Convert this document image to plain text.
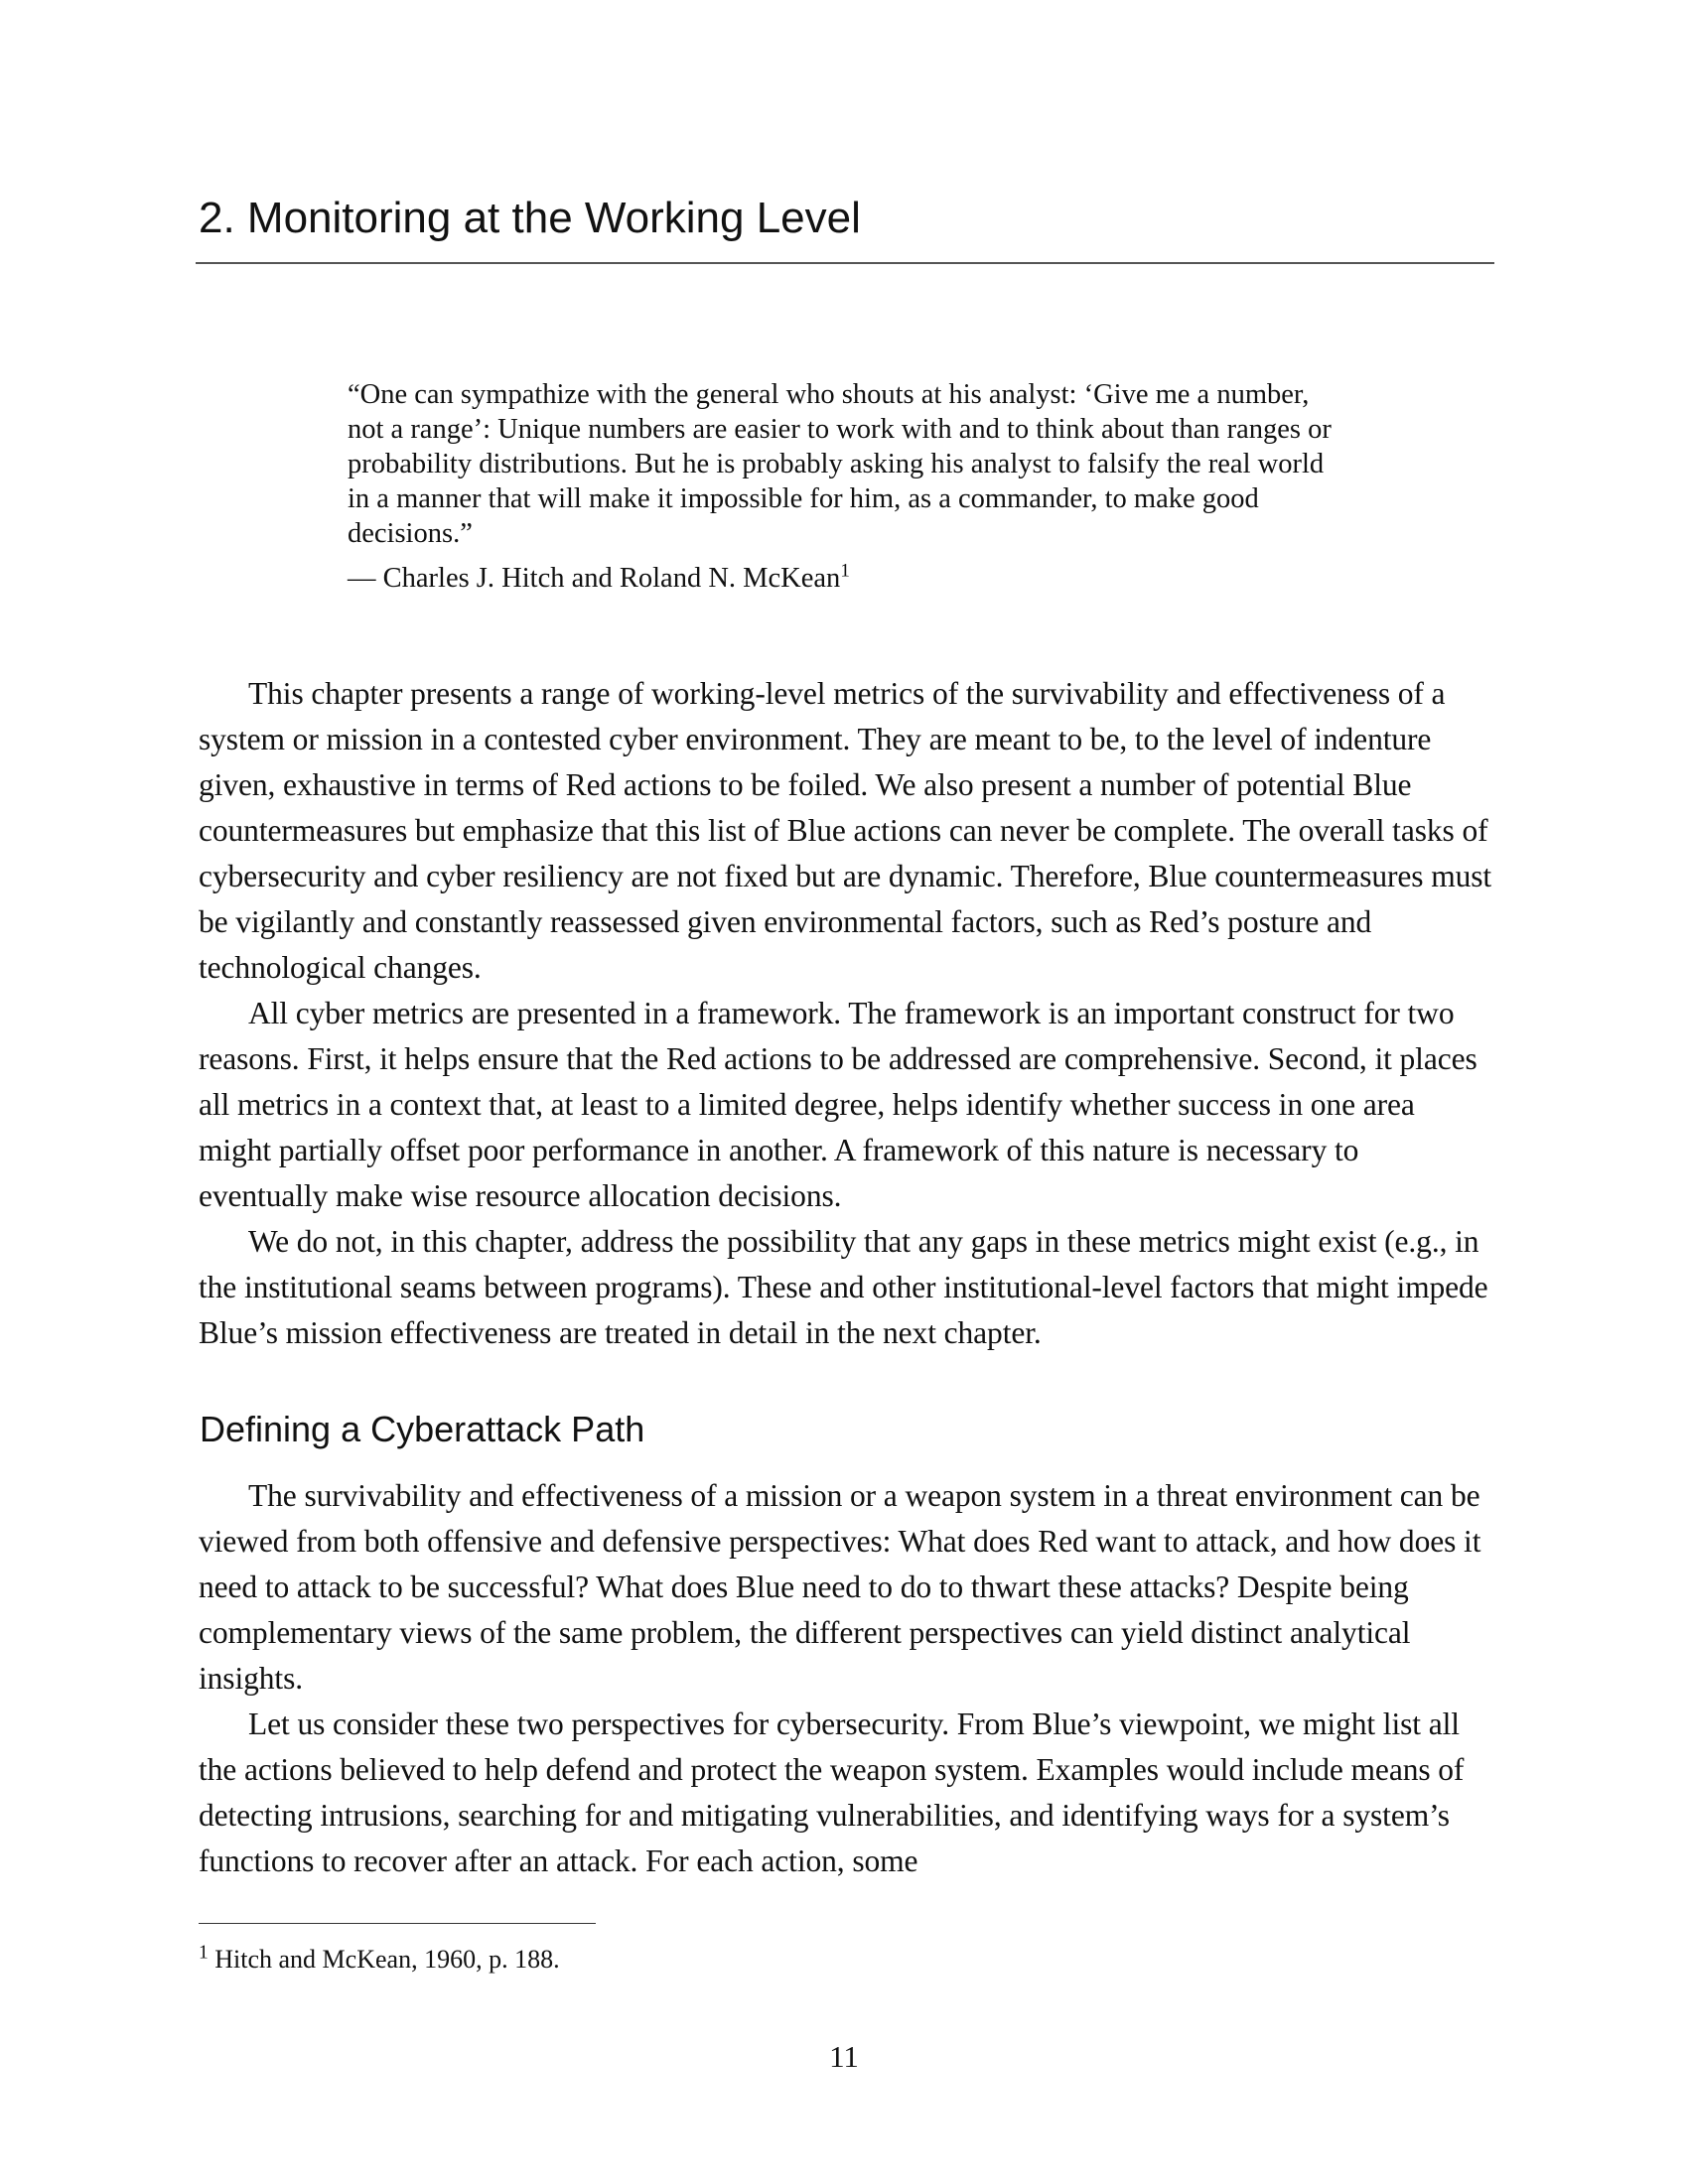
2. Monitoring at the Working Level

“One can sympathize with the general who shouts at his analyst: ‘Give me a number, not a range’: Unique numbers are easier to work with and to think about than ranges or probability distributions. But he is probably asking his analyst to falsify the real world in a manner that will make it impossible for him, as a commander, to make good decisions.”

— Charles J. Hitch and Roland N. McKean$^1$

This chapter presents a range of working-level metrics of the survivability and effectiveness of a system or mission in a contested cyber environment. They are meant to be, to the level of indenture given, exhaustive in terms of Red actions to be foiled. We also present a number of potential Blue countermeasures but emphasize that this list of Blue actions can never be complete. The overall tasks of cybersecurity and cyber resiliency are not fixed but are dynamic. Therefore, Blue countermeasures must be vigilantly and constantly reassessed given environmental factors, such as Red’s posture and technological changes.

All cyber metrics are presented in a framework. The framework is an important construct for two reasons. First, it helps ensure that the Red actions to be addressed are comprehensive. Second, it places all metrics in a context that, at least to a limited degree, helps identify whether success in one area might partially offset poor performance in another. A framework of this nature is necessary to eventually make wise resource allocation decisions.

We do not, in this chapter, address the possibility that any gaps in these metrics might exist (e.g., in the institutional seams between programs). These and other institutional-level factors that might impede Blue’s mission effectiveness are treated in detail in the next chapter.

Defining a Cyberattack Path

The survivability and effectiveness of a mission or a weapon system in a threat environment can be viewed from both offensive and defensive perspectives: What does Red want to attack, and how does it need to attack to be successful? What does Blue need to do to thwart these attacks? Despite being complementary views of the same problem, the different perspectives can yield distinct analytical insights.

Let us consider these two perspectives for cybersecurity. From Blue’s viewpoint, we might list all the actions believed to help defend and protect the weapon system. Examples would include means of detecting intrusions, searching for and mitigating vulnerabilities, and identifying ways for a system’s functions to recover after an attack. For each action, some

$^1$ Hitch and McKean, 1960, p. 188.

11
